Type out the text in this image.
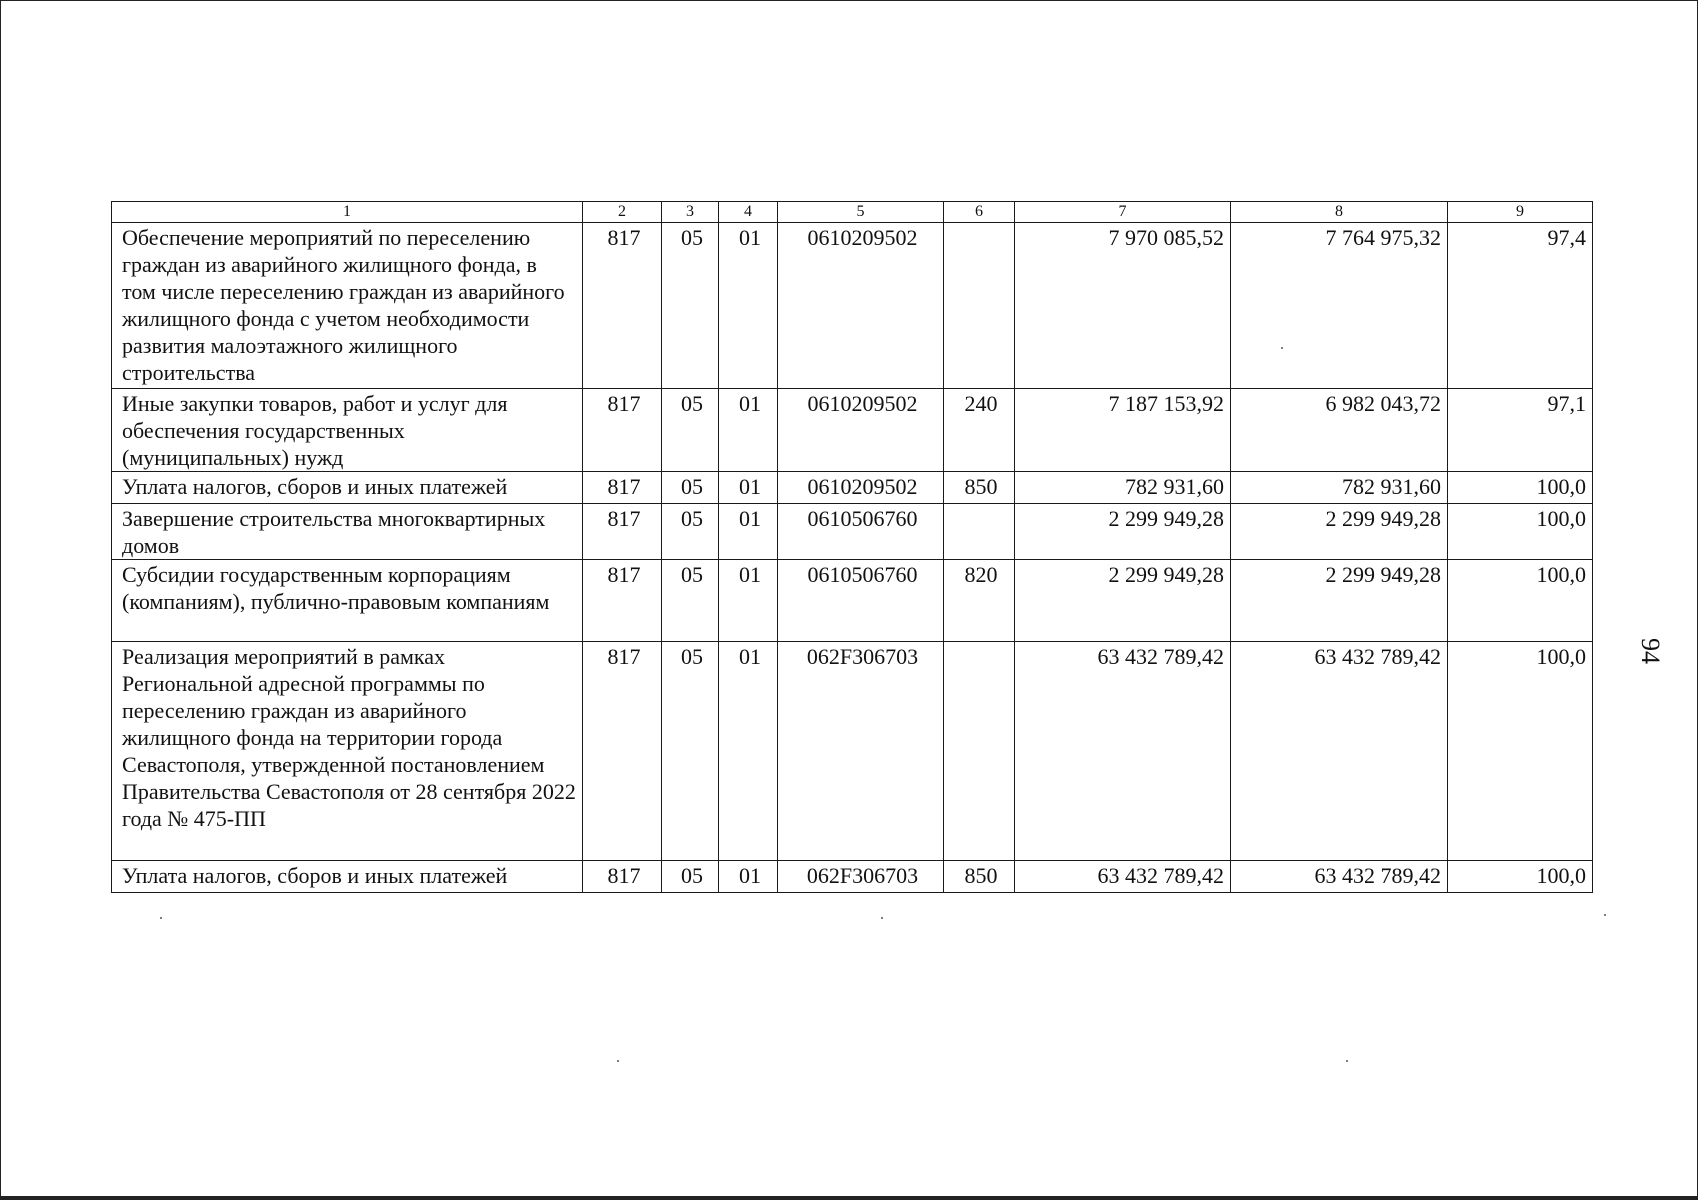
1	2	3	4	5	6	7	8	9
Обеспечение мероприятий по переселению граждан из аварийного жилищного фонда, в том числе переселению граждан из аварийного жилищного фонда с учетом необходимости развития малоэтажного жилищного строительства	817	05	01	0610209502		7 970 085,52	7 764 975,32	97,4
Иные закупки товаров, работ и услуг для обеспечения государственных (муниципальных) нужд	817	05	01	0610209502	240	7 187 153,92	6 982 043,72	97,1
Уплата налогов, сборов и иных платежей	817	05	01	0610209502	850	782 931,60	782 931,60	100,0
Завершение строительства многоквартирных домов	817	05	01	0610506760		2 299 949,28	2 299 949,28	100,0
Субсидии государственным корпорациям (компаниям), публично-правовым компаниям	817	05	01	0610506760	820	2 299 949,28	2 299 949,28	100,0
Реализация мероприятий в рамках Региональной адресной программы по переселению граждан из аварийного жилищного фонда на территории города Севастополя, утвержденной постановлением Правительства Севастополя от 28 сентября 2022 года № 475-ПП	817	05	01	062F306703		63 432 789,42	63 432 789,42	100,0
Уплата налогов, сборов и иных платежей	817	05	01	062F306703	850	63 432 789,42	63 432 789,42	100,0
94
